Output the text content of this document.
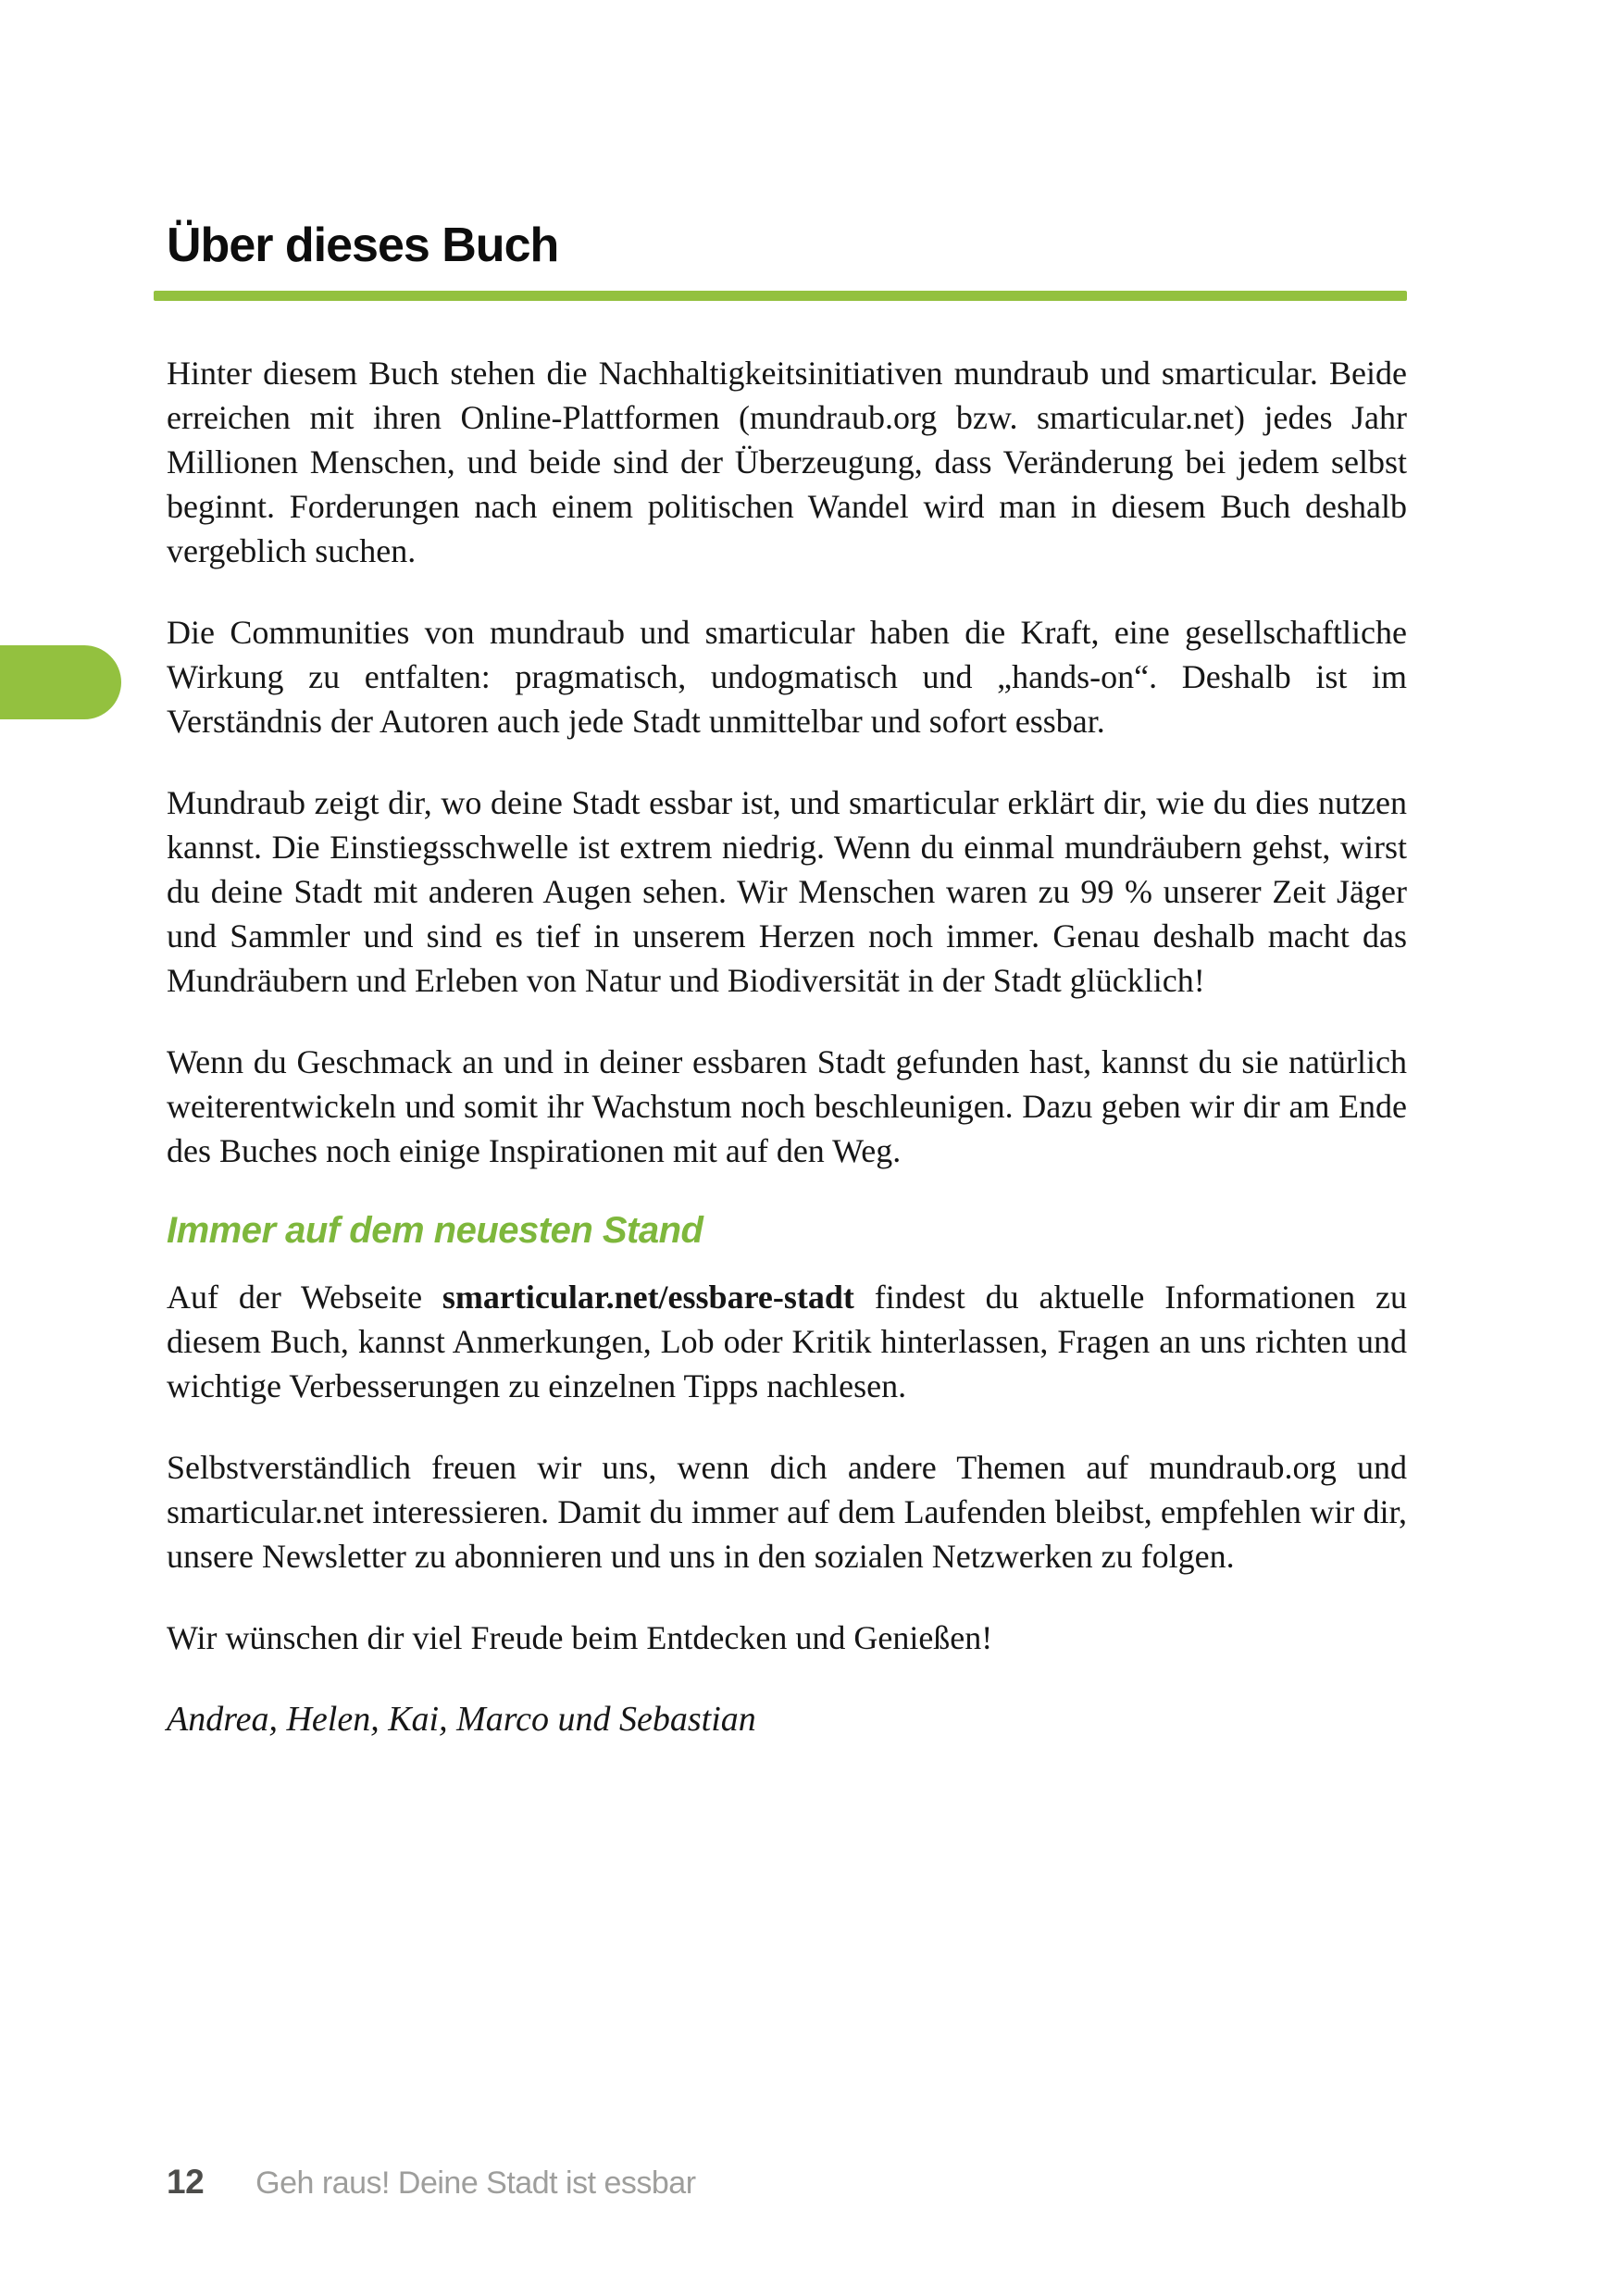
Über dieses Buch

Hinter diesem Buch stehen die Nachhaltigkeitsinitiativen mundraub und smarticular. Beide erreichen mit ihren Online-Plattformen (mundraub.org bzw. smarticular.net) jedes Jahr Millionen Menschen, und beide sind der Überzeugung, dass Veränderung bei jedem selbst beginnt. Forderungen nach einem politischen Wandel wird man in diesem Buch deshalb vergeblich suchen.

Die Communities von mundraub und smarticular haben die Kraft, eine gesellschaftliche Wirkung zu entfalten: pragmatisch, undogmatisch und „hands-on“. Deshalb ist im Verständnis der Autoren auch jede Stadt unmittelbar und sofort essbar.

Mundraub zeigt dir, wo deine Stadt essbar ist, und smarticular erklärt dir, wie du dies nutzen kannst. Die Einstiegsschwelle ist extrem niedrig. Wenn du einmal mundräubern gehst, wirst du deine Stadt mit anderen Augen sehen. Wir Menschen waren zu 99 % unserer Zeit Jäger und Sammler und sind es tief in unserem Herzen noch immer. Genau deshalb macht das Mundräubern und Erleben von Natur und Biodiversität in der Stadt glücklich!

Wenn du Geschmack an und in deiner essbaren Stadt gefunden hast, kannst du sie natürlich weiterentwickeln und somit ihr Wachstum noch beschleunigen. Dazu geben wir dir am Ende des Buches noch einige Inspirationen mit auf den Weg.

Immer auf dem neuesten Stand

Auf der Webseite smarticular.net/essbare-stadt findest du aktuelle Informationen zu diesem Buch, kannst Anmerkungen, Lob oder Kritik hinterlassen, Fragen an uns richten und wichtige Verbesserungen zu einzelnen Tipps nachlesen.

Selbstverständlich freuen wir uns, wenn dich andere Themen auf mundraub.org und smarticular.net interessieren. Damit du immer auf dem Laufenden bleibst, empfehlen wir dir, unsere Newsletter zu abonnieren und uns in den sozialen Netzwerken zu folgen.

Wir wünschen dir viel Freude beim Entdecken und Genießen!

Andrea, Helen, Kai, Marco und Sebastian

12 Geh raus! Deine Stadt ist essbar
